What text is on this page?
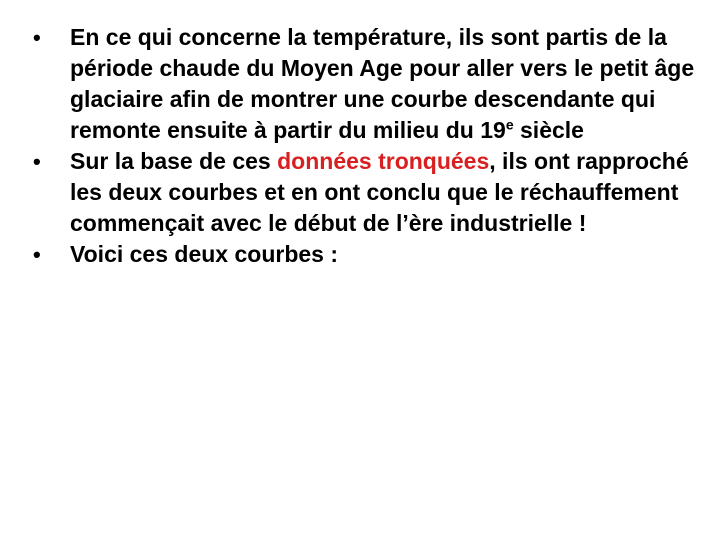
•	En ce qui concerne la température, ils sont partis de la période chaude du Moyen Age pour aller vers le petit âge glaciaire afin de montrer une courbe descendante qui remonte ensuite à partir du milieu du 19e siècle
•	Sur la base de ces données tronquées, ils ont rapproché les deux courbes et en ont conclu que le réchauffement commençait avec le début de l’ère industrielle !
•	Voici ces deux courbes :
